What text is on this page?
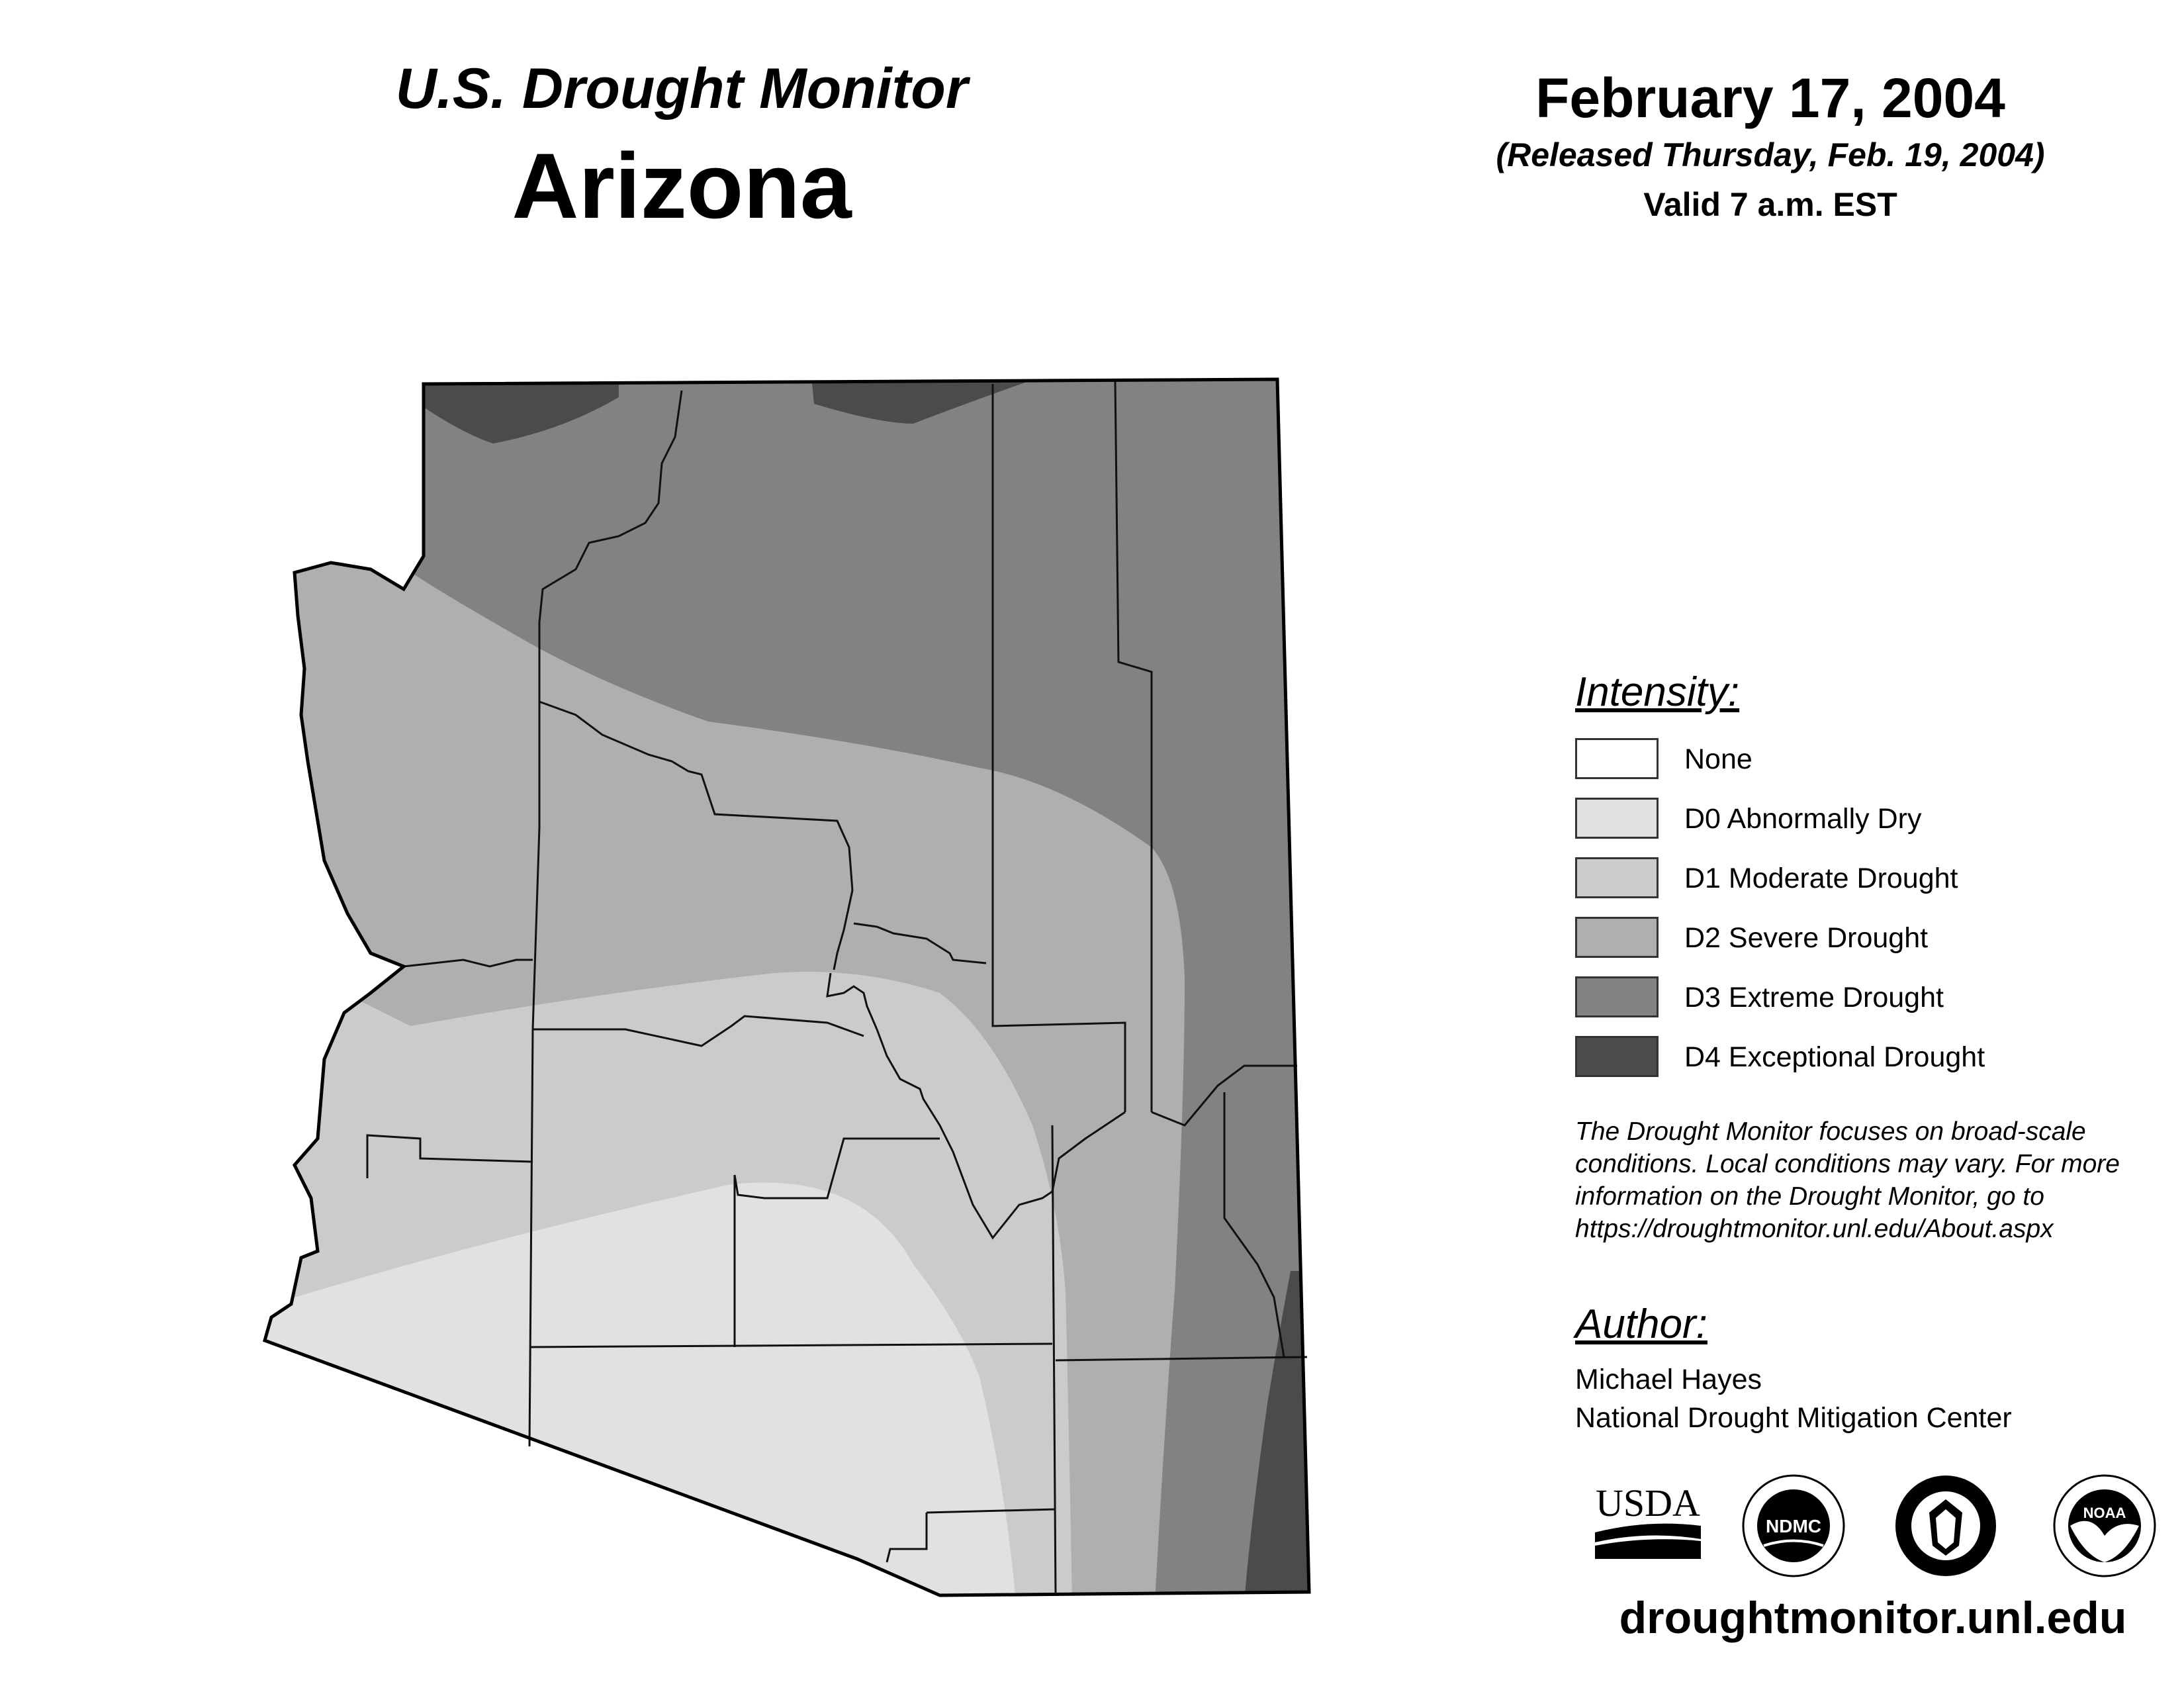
U.S. Drought Monitor
Arizona
February 17, 2004
(Released Thursday, Feb. 19, 2004)
Valid 7 a.m. EST
Intensity:
None
D0 Abnormally Dry
D1 Moderate Drought
D2 Severe Drought
D3 Extreme Drought
D4 Exceptional Drought
The Drought Monitor focuses on broad-scale conditions. Local conditions may vary. For more information on the Drought Monitor, go to https://droughtmonitor.unl.edu/About.aspx
Author:
Michael Hayes
National Drought Mitigation Center
USDA
NDMC
NOAA
droughtmonitor.unl.edu
